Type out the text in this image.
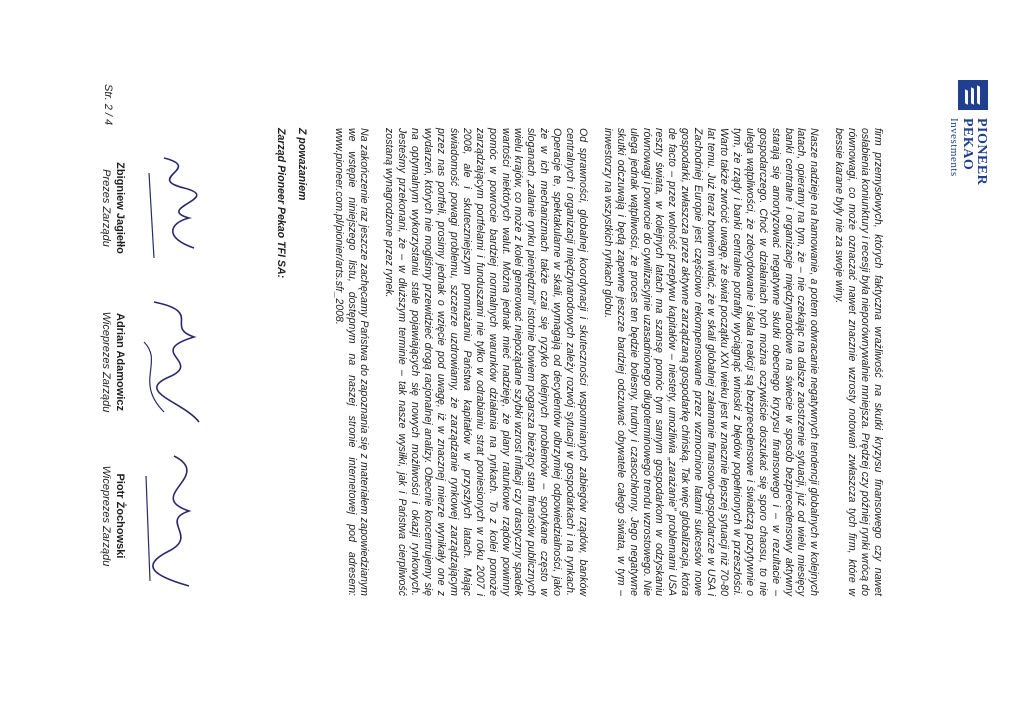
PIONEER
PEKAO
Investments

firm przemysłowych, których faktyczna wrażliwość na skutki kryzysu finansowego czy nawet osłabienia koniunktury i recesji była nieporównywalnie mniejsza. Prędzej czy później rynki wrócą do równowagi, co może oznaczać nawet znacznie wzrosty notowań zwłaszcza tych firm, które w bessie karane były nie za swoje winy.

Nasze nadzieje na hamowanie, a potem odwracanie negatywnych tendencji globalnych w kolejnych latach, opieramy na tym, że – nie czekając na dalsze zaostrzenie sytuacji, już od wielu miesięcy banki centralne i organizacje międzynarodowe na świecie w sposób bezprecedensowy aktywny starają się amortyzować negatywne skutki obecnego kryzysu finansowego i – w rezultacie – gospodarczego. Choć w działaniach tych można oczywiście doszukać się sporo chaosu, to nie ulega wątpliwości, że zdecydowanie i skala reakcji są bezprecedensowe i świadczą pozytywnie o tym, że rządy i banki centralne potrafiły wyciągnąć wnioski z błędów popełnionych w przeszłości. Warto także zwrócić uwagę, że świat początku XXI wieku jest w znacznie lepszej sytuacji niż 70-80 lat temu. Już teraz bowiem widać, że w skali globalnej załamanie finansowo-gospodarcze w USA i Zachodniej Europie jest częściowo rekompensowane przez wzmocnione latami sukcesów nowe gospodarki, zwłaszcza przez aktywne zarządzaną gospodarkę chińską. Tak więc globalizacja, która de facto – przez wolność przepływu kapitałów – niestety, umożliwia „zarażanie” problemami USA reszty świata, w kolejnych latach ma szansę pomóc tym samym gospodarkom w odzyskaniu równowagi i powrocie do cywilizacyjnie uzasadnionego długoterminowego trendu wzrostowego. Nie ulega jednak wątpliwości, że proces ten będzie bolesny, trudny i czasochłonny. Jego negatywne skutki odczuwają i będą zapewne jeszcze bardziej odczuwać obywatele całego świata, w tym – inwestorzy na wszystkich rynkach globu.

Od sprawności, globalnej koordynacji i skuteczności wspomnianych zabiegów rządów, banków centralnych i organizacji międzynarodowych zależy rozwój sytuacji w gospodarkach i na rynkach. Operacje te, spektakularne w skali, wymagają od decydentów olbrzymiej odpowiedzialności, jako że w ich mechanizmach także czai się ryzyko kolejnych problemów – spotykane często w sloganach „zalanie rynku pieniędzmi” istotnie bowiem pogarsza bieżący stan finansów publicznych wielu krajów, co może z kolei generować niepożądane szybki wzrost inflacji czy drastyczny spadek wartości niektórych walut. Można jednak mieć nadzieję, że plany ratunkowe rządów powinny pomóc w powrocie bardziej normalnych warunków działania na rynkach. To z kolei pomoże zarządzającym portfelami i funduszami nie tylko w odrabianiu strat poniesionych w roku 2007 i 2008, ale i skuteczniejszym pomnażaniu Państwa kapitałów w przyszłych latach. Mając świadomość powagi problemu, szczerze uzdrowiamy, że zarządzanie rynkowej zarządzającym przez nas portfeli, prosimy jednak o wzięcie pod uwagę, iż w znacznej mierze wynikały one z wydarzeń, których nie mogliśmy przewidzieć drogą racjonalnej analizy. Obecnie koncentrujemy się na optymalnym wykorzystaniu stale pojawiających się nowych możliwości i okazji rynkowych. Jesteśmy przekonani, że – w dłuższym terminie – tak nasze wysiłki, jak i Państwa cierpliwość zostaną wynagrodzone przez rynek.

Na zakończenie raz jeszcze zachęcamy Państwa do zapoznania się z materiałem zapowiedzianym we wstępie niniejszego listu, dostępnym na naszej stronie internetowej pod adresem: www.pioneer.com.pl/pionier/arts.sfr_2008.

Z poważaniem
Zarząd Pioneer Pekao TFI SA:
Zbigniew Jagiełło
Prezes Zarządu
Adrian Adamowicz
Wiceprezes Zarządu
Piotr Żochowski
Wiceprezes Zarządu
Str. 2 / 4
